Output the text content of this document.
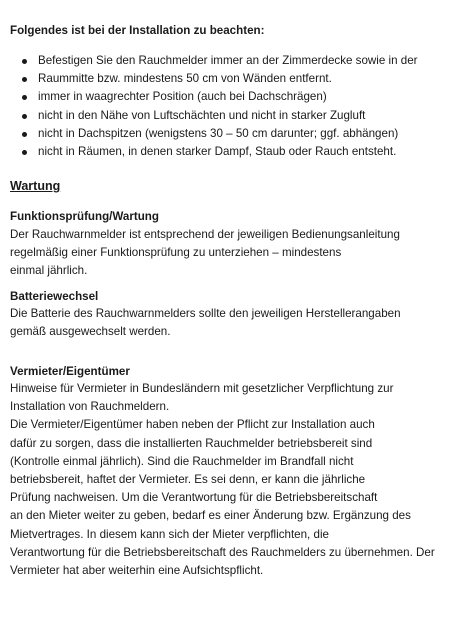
Folgendes ist bei der Installation zu beachten:
Befestigen Sie den Rauchmelder immer an der Zimmerdecke sowie in der
Raummitte bzw. mindestens 50 cm von Wänden entfernt.
immer in waagrechter Position (auch bei Dachschrägen)
nicht in den Nähe von Luftschächten und nicht in starker Zugluft
nicht in Dachspitzen (wenigstens 30 – 50 cm darunter; ggf. abhängen)
nicht in Räumen, in denen starker Dampf, Staub oder Rauch entsteht.
Wartung
Funktionsprüfung/Wartung
Der Rauchwarnmelder ist entsprechend der jeweiligen Bedienungsanleitung
regelmäßig einer Funktionsprüfung zu unterziehen – mindestens
einmal jährlich.
Batteriewechsel
Die Batterie des Rauchwarnmelders sollte den jeweiligen Herstellerangaben
gemäß ausgewechselt werden.
Vermieter/Eigentümer
Hinweise für Vermieter in Bundesländern mit gesetzlicher Verpflichtung zur
Installation von Rauchmeldern.
Die Vermieter/Eigentümer haben neben der Pflicht zur Installation auch
dafür zu sorgen, dass die installierten Rauchmelder betriebsbereit sind
(Kontrolle einmal jährlich). Sind die Rauchmelder im Brandfall nicht
betriebsbereit, haftet der Vermieter. Es sei denn, er kann die jährliche
Prüfung nachweisen. Um die Verantwortung für die Betriebsbereitschaft
an den Mieter weiter zu geben, bedarf es einer Änderung bzw. Ergänzung des
Mietvertrages. In diesem kann sich der Mieter verpflichten, die
Verantwortung für die Betriebsbereitschaft des Rauchmelders zu übernehmen. Der
Vermieter hat aber weiterhin eine Aufsichtspflicht.
